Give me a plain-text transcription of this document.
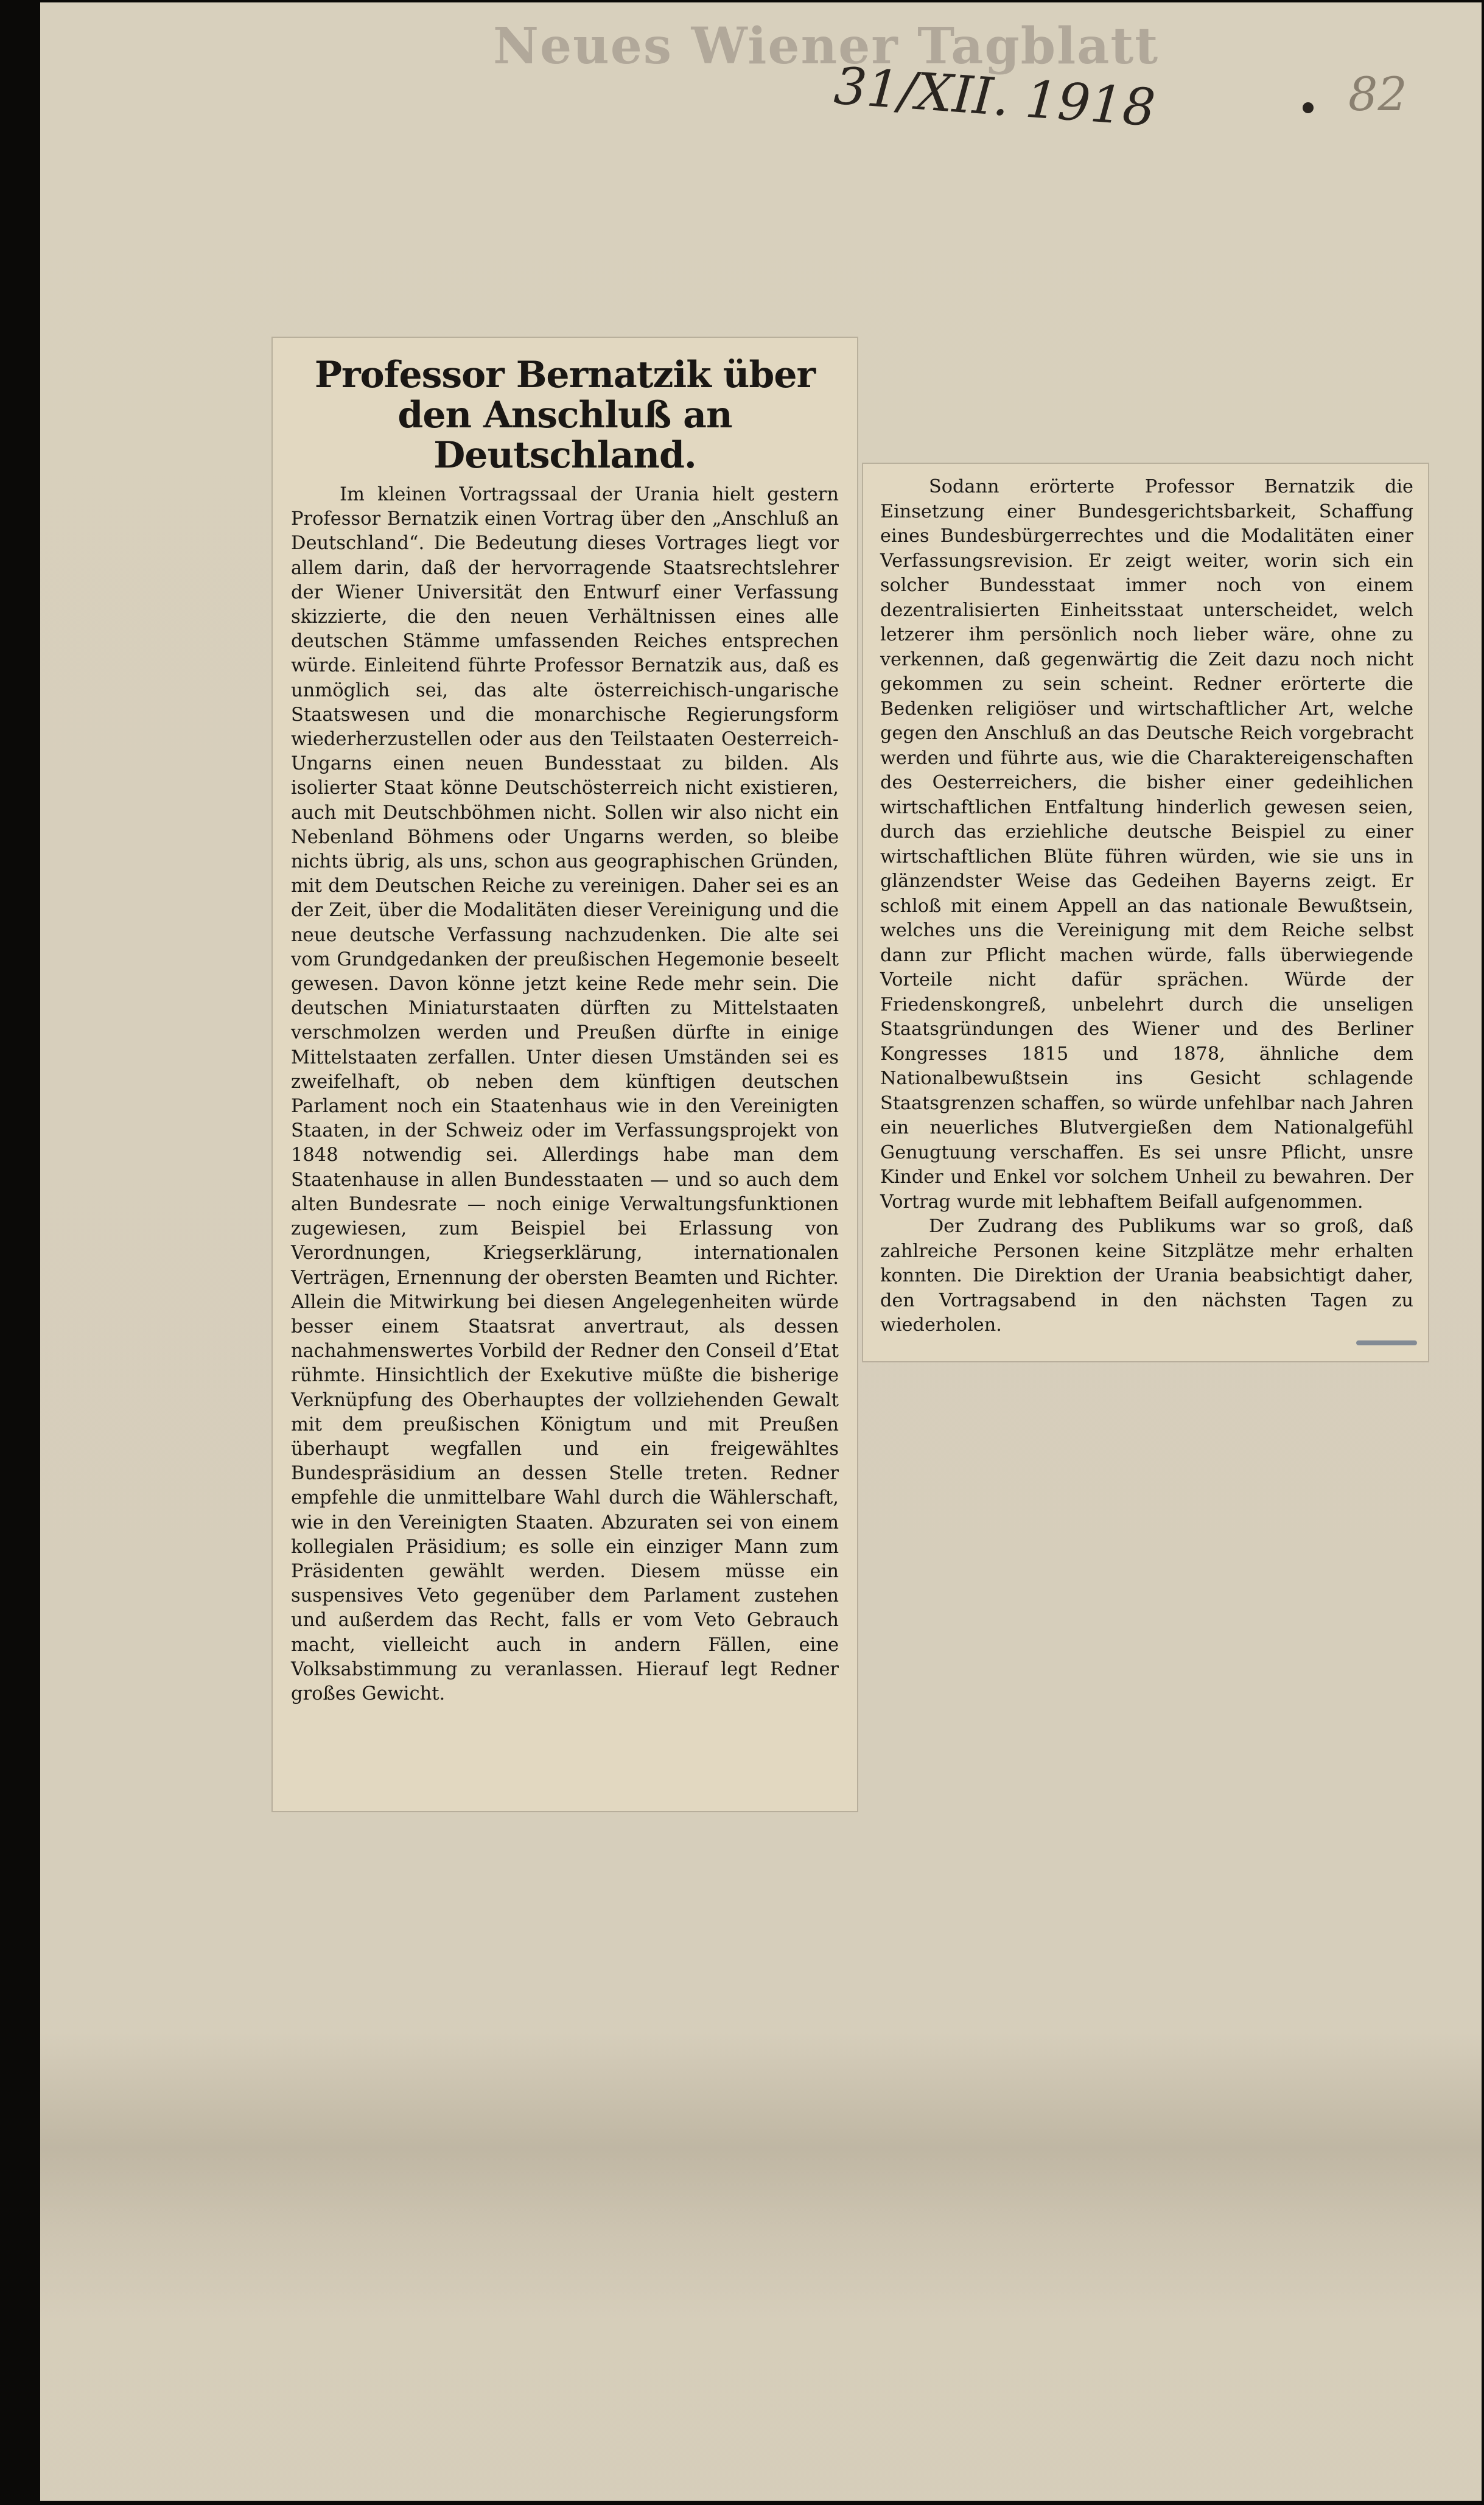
Neues Wiener Tagblatt
31/XII. 1918	82
Professor Bernatzik über den Anschluß an Deutschland.

Im kleinen Vortragssaal der Urania hielt gestern Professor Bernatzik einen Vortrag über den „Anschluß an Deutschland“. Die Bedeutung dieses Vortrages liegt vor allem darin, daß der hervorragende Staatsrechtslehrer der Wiener Universität den Entwurf einer Verfassung skizzierte, die den neuen Verhältnissen eines alle deutschen Stämme umfassenden Reiches entsprechen würde. Einleitend führte Professor Bernatzik aus, daß es unmöglich sei, das alte österreichisch-ungarische Staatswesen und die monarchische Regierungsform wiederherzustellen oder aus den Teilstaaten Oesterreich-Ungarns einen neuen Bundesstaat zu bilden. Als isolierter Staat könne Deutschösterreich nicht existieren, auch mit Deutschböhmen nicht. Sollen wir also nicht ein Nebenland Böhmens oder Ungarns werden, so bleibe nichts übrig, als uns, schon aus geographischen Gründen, mit dem Deutschen Reiche zu vereinigen. Daher sei es an der Zeit, über die Modalitäten dieser Vereinigung und die neue deutsche Verfassung nachzudenken. Die alte sei vom Grundgedanken der preußischen Hegemonie beseelt gewesen. Davon könne jetzt keine Rede mehr sein. Die deutschen Miniaturstaaten dürften zu Mittelstaaten verschmolzen werden und Preußen dürfte in einige Mittelstaaten zerfallen. Unter diesen Umständen sei es zweifelhaft, ob neben dem künftigen deutschen Parlament noch ein Staatenhaus wie in den Vereinigten Staaten, in der Schweiz oder im Verfassungsprojekt von 1848 notwendig sei. Allerdings habe man dem Staatenhause in allen Bundesstaaten — und so auch dem alten Bundesrate — noch einige Verwaltungsfunktionen zugewiesen, zum Beispiel bei Erlassung von Verordnungen, Kriegserklärung, internationalen Verträgen, Ernennung der obersten Beamten und Richter. Allein die Mitwirkung bei diesen Angelegenheiten würde besser einem Staatsrat anvertraut, als dessen nachahmenswertes Vorbild der Redner den Conseil d’Etat rühmte. Hinsichtlich der Exekutive müßte die bisherige Verknüpfung des Oberhauptes der vollziehenden Gewalt mit dem preußischen Königtum und mit Preußen überhaupt wegfallen und ein freigewähltes Bundespräsidium an dessen Stelle treten. Redner empfehle die unmittelbare Wahl durch die Wählerschaft, wie in den Vereinigten Staaten. Abzuraten sei von einem kollegialen Präsidium; es solle ein einziger Mann zum Präsidenten gewählt werden. Diesem müsse ein suspensives Veto gegenüber dem Parlament zustehen und außerdem das Recht, falls er vom Veto Gebrauch macht, vielleicht auch in andern Fällen, eine Volksabstimmung zu veranlassen. Hierauf legt Redner großes Gewicht.

Sodann erörterte Professor Bernatzik die Einsetzung einer Bundesgerichtsbarkeit, Schaffung eines Bundesbürgerrechtes und die Modalitäten einer Verfassungsrevision. Er zeigt weiter, worin sich ein solcher Bundesstaat immer noch von einem dezentralisierten Einheitsstaat unterscheidet, welch letzerer ihm persönlich noch lieber wäre, ohne zu verkennen, daß gegenwärtig die Zeit dazu noch nicht gekommen zu sein scheint. Redner erörterte die Bedenken religiöser und wirtschaftlicher Art, welche gegen den Anschluß an das Deutsche Reich vorgebracht werden und führte aus, wie die Charaktereigenschaften des Oesterreichers, die bisher einer gedeihlichen wirtschaftlichen Entfaltung hinderlich gewesen seien, durch das erziehliche deutsche Beispiel zu einer wirtschaftlichen Blüte führen würden, wie sie uns in glänzendster Weise das Gedeihen Bayerns zeigt. Er schloß mit einem Appell an das nationale Bewußtsein, welches uns die Vereinigung mit dem Reiche selbst dann zur Pflicht machen würde, falls überwiegende Vorteile nicht dafür sprächen. Würde der Friedenskongreß, unbelehrt durch die unseligen Staatsgründungen des Wiener und des Berliner Kongresses 1815 und 1878, ähnliche dem Nationalbewußtsein ins Gesicht schlagende Staatsgrenzen schaffen, so würde unfehlbar nach Jahren ein neuerliches Blutvergießen dem Nationalgefühl Genugtuung verschaffen. Es sei unsre Pflicht, unsre Kinder und Enkel vor solchem Unheil zu bewahren. Der Vortrag wurde mit lebhaftem Beifall aufgenommen.

Der Zudrang des Publikums war so groß, daß zahlreiche Personen keine Sitzplätze mehr erhalten konnten. Die Direktion der Urania beabsichtigt daher, den Vortragsabend in den nächsten Tagen zu wiederholen.
